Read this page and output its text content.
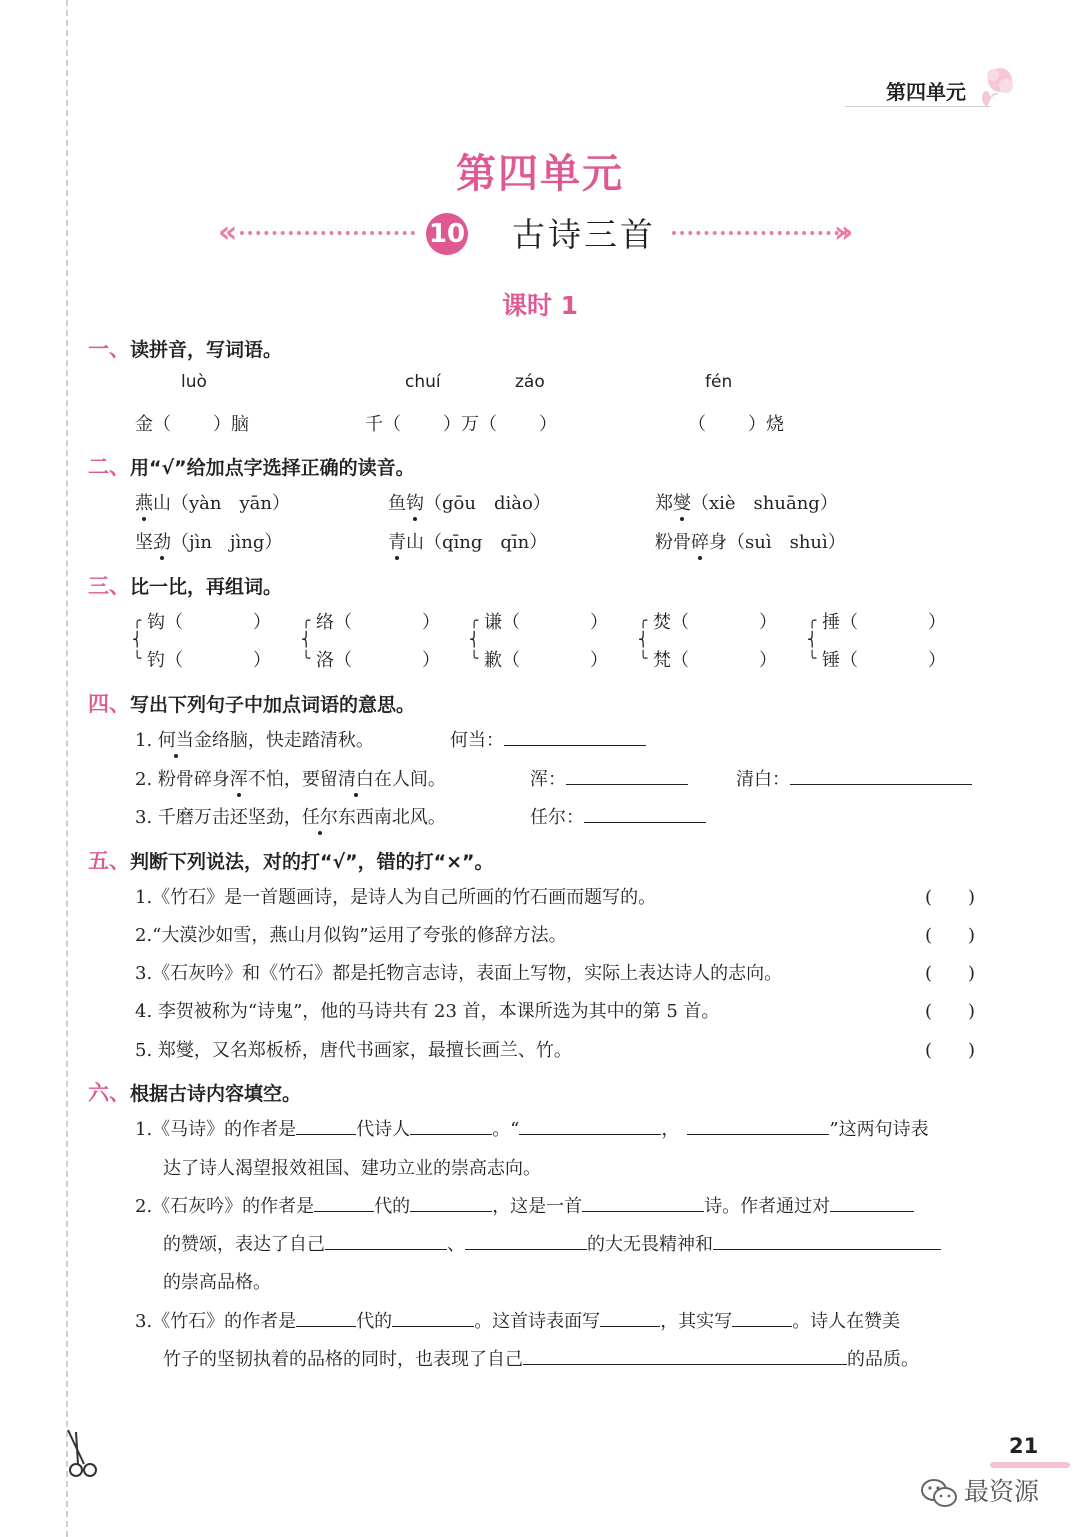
第四单元
第四单元
«	10 古诗三首	»
课时 1
一、读拼音，写词语。
luò	chuí	záo	fén
金（ ）脑	千（ ）万（ ）	（ ）烧
二、用“√”给加点字选择正确的读音。
燕山（yàn　yān）	鱼钩（gōu　diào）	郑燮（xiè　shuāng）
坚劲（jìn　jìng）	青山（qīng　qīn）	粉骨碎身（suì　shuì）
三、比一比，再组词。
╭
⎨
╰
钩（	）
钓（	）
╭
⎨
╰
络（	）
洛（	）
╭
⎨
╰
谦（	）
歉（	）
╭
⎨
╰
焚（	）
梵（	）
╭
⎨
╰
捶（	）
锤（	）
四、写出下列句子中加点词语的意思。
1. 何当金络脑，快走踏清秋。	何当：
2. 粉骨碎身浑不怕，要留清白在人间。	浑：	清白：
3. 千磨万击还坚劲，任尔东西南北风。	任尔：
五、判断下列说法，对的打“√”，错的打“×”。
1.《竹石》是一首题画诗，是诗人为自己所画的竹石画而题写的。	(　　)
2.“大漠沙如雪，燕山月似钩”运用了夸张的修辞方法。	(　　)
3.《石灰吟》和《竹石》都是托物言志诗，表面上写物，实际上表达诗人的志向。	(　　)
4. 李贺被称为“诗鬼”，他的马诗共有 23 首，本课所选为其中的第 5 首。	(　　)
5. 郑燮，又名郑板桥，唐代书画家，最擅长画兰、竹。	(　　)
六、根据古诗内容填空。
1.《马诗》的作者是	代诗人	。“	，	”这两句诗表
达了诗人渴望报效祖国、建功立业的崇高志向。
2.《石灰吟》的作者是	代的	，这是一首	诗。作者通过对
的赞颂，表达了自己	、	的大无畏精神和
的崇高品格。
3.《竹石》的作者是	代的	。这首诗表面写	，其实写	。诗人在赞美
竹子的坚韧执着的品格的同时，也表现了自己	的品质。
21
最资源
